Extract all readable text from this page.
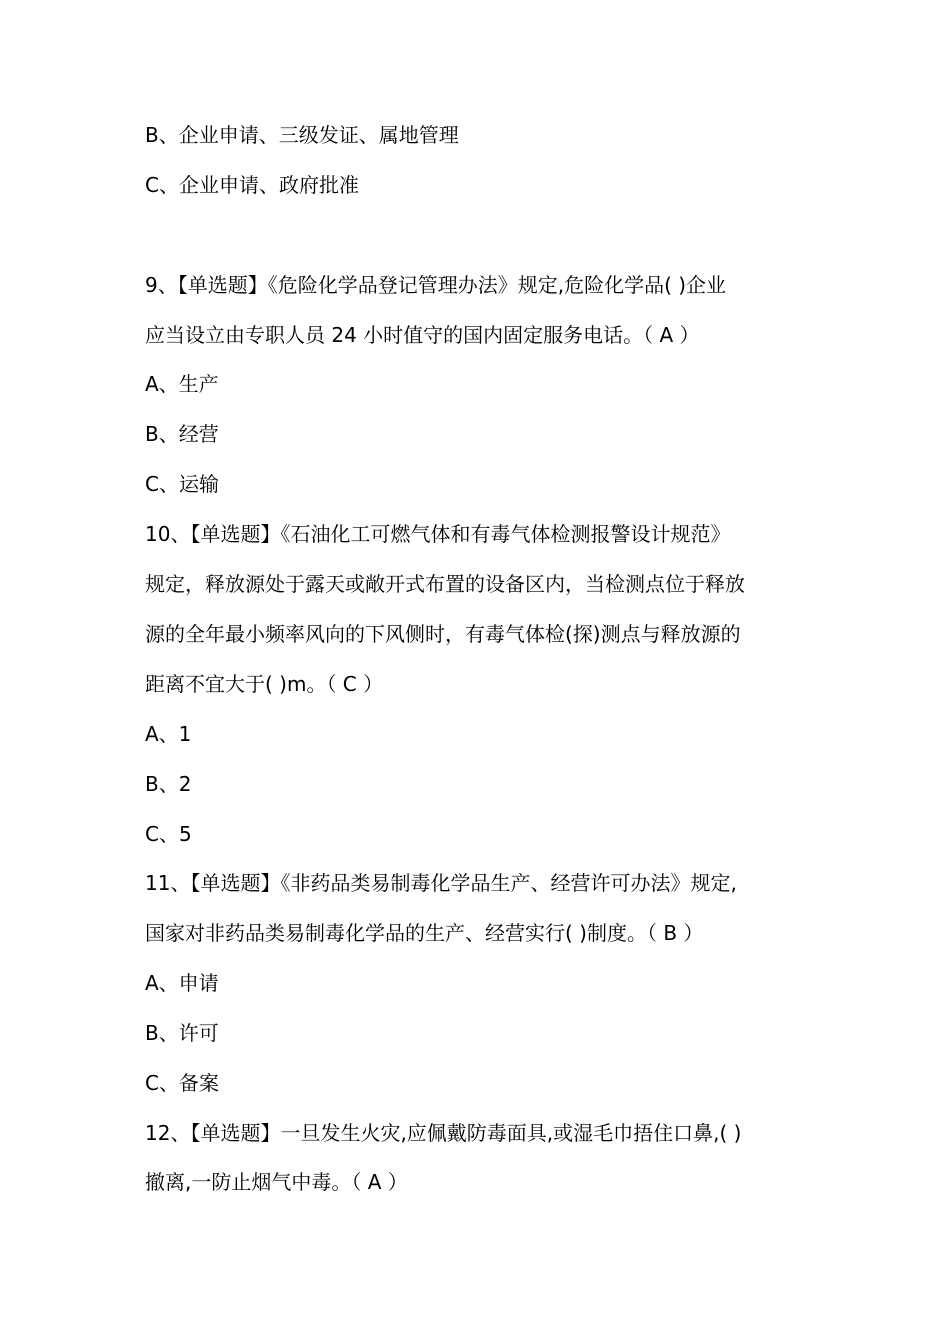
B、企业申请、三级发证、属地管理
C、企业申请、政府批准
9、【单选题】《危险化学品登记管理办法》规定,危险化学品( )企业
应当设立由专职人员 24 小时值守的国内固定服务电话。（ A ）
A、生产
B、经营
C、运输
10、【单选题】《石油化工可燃气体和有毒气体检测报警设计规范》
规定，释放源处于露天或敞开式布置的设备区内，当检测点位于释放
源的全年最小频率风向的下风侧时，有毒气体检(探)测点与释放源的
距离不宜大于( )m。（ C ）
A、1
B、2
C、5
11、【单选题】《非药品类易制毒化学品生产、经营许可办法》规定,
国家对非药品类易制毒化学品的生产、经营实行( )制度。（ B ）
A、申请
B、许可
C、备案
12、【单选题】一旦发生火灾,应佩戴防毒面具,或湿毛巾捂住口鼻,( )
撤离,一防止烟气中毒。（ A ）
